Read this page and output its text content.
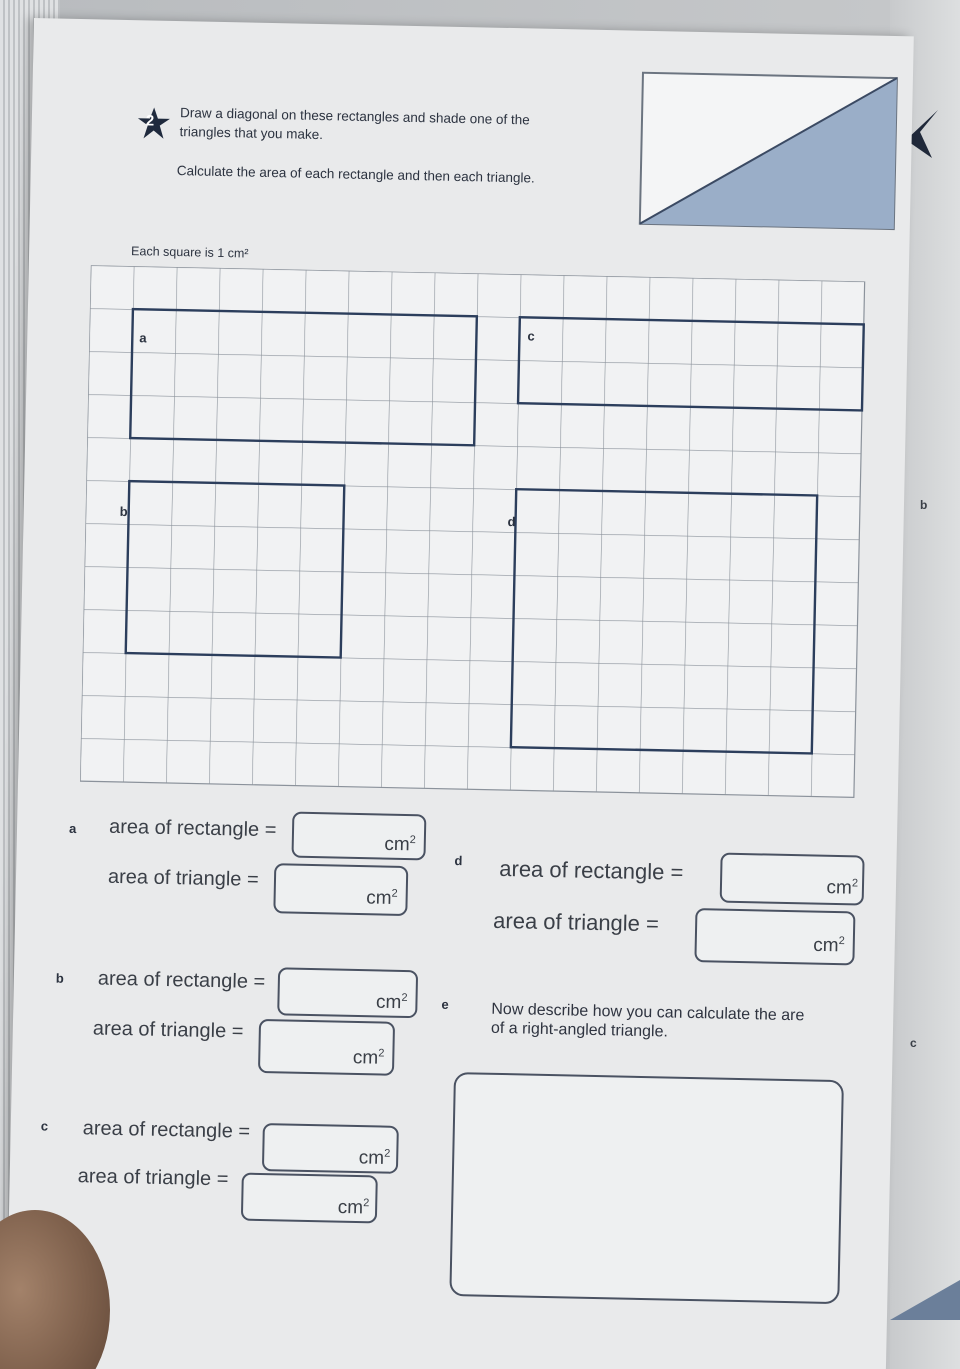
b
c
2 Draw a diagonal on these rectangles and shade one of the
triangles that you make.
Calculate the area of each rectangle and then each triangle.
Each square is 1 cm²
a	c
b
d
a area of rectangle =
$cm^2$
area of triangle =
$cm^2$
d area of rectangle =
$cm^2$
area of triangle =
$cm^2$
b area of rectangle =
$cm^2$
area of triangle =
$cm^2$
e	Now describe how you can calculate the are
of a right-angled triangle.
c area of rectangle =
$cm^2$
area of triangle =
$cm^2$
